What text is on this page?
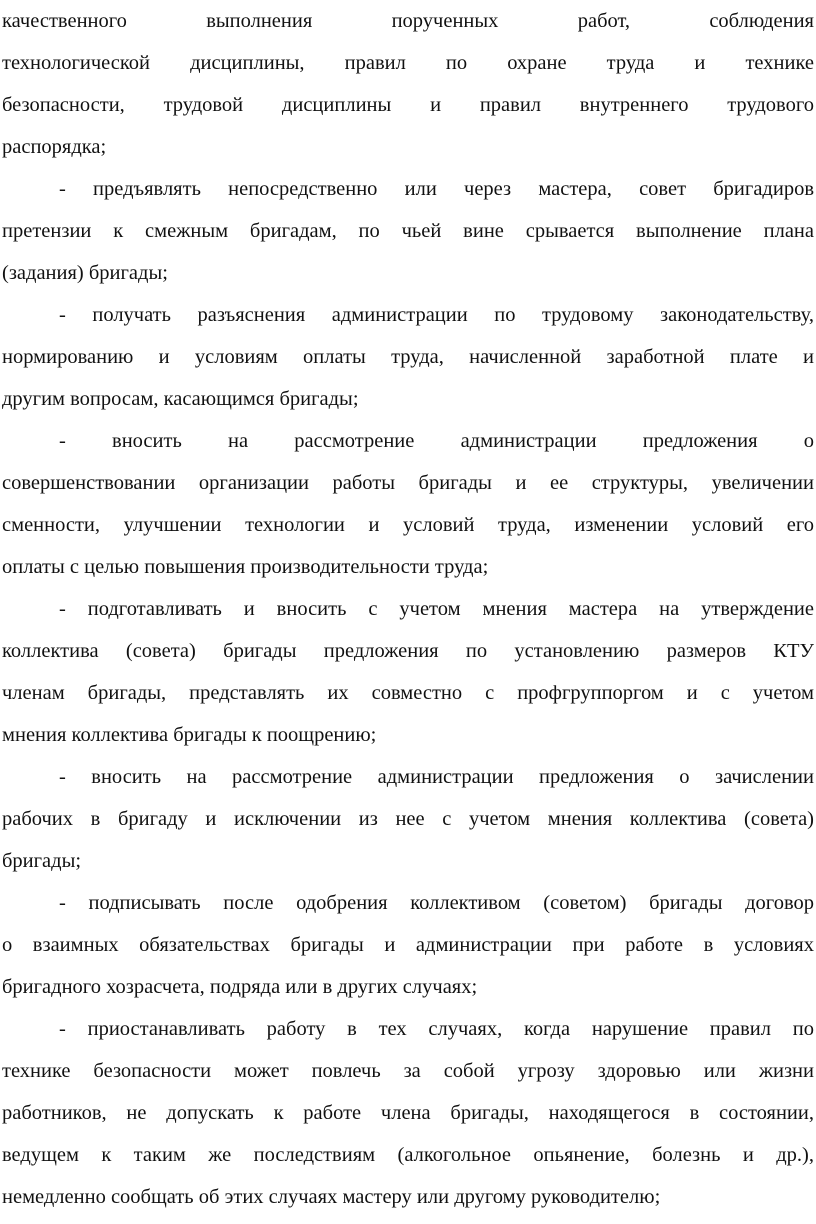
качественного выполнения порученных работ, соблюдения
технологической дисциплины, правил по охране труда и технике
безопасности, трудовой дисциплины и правил внутреннего трудового
распорядка;
- предъявлять непосредственно или через мастера, совет бригадиров
претензии к смежным бригадам, по чьей вине срывается выполнение плана
(задания) бригады;
- получать разъяснения администрации по трудовому законодательству,
нормированию и условиям оплаты труда, начисленной заработной плате и
другим вопросам, касающимся бригады;
- вносить на рассмотрение администрации предложения о
совершенствовании организации работы бригады и ее структуры, увеличении
сменности, улучшении технологии и условий труда, изменении условий его
оплаты с целью повышения производительности труда;
- подготавливать и вносить с учетом мнения мастера на утверждение
коллектива (совета) бригады предложения по установлению размеров КТУ
членам бригады, представлять их совместно с профгруппоргом и с учетом
мнения коллектива бригады к поощрению;
- вносить на рассмотрение администрации предложения о зачислении
рабочих в бригаду и исключении из нее с учетом мнения коллектива (совета)
бригады;
- подписывать после одобрения коллективом (советом) бригады договор
о взаимных обязательствах бригады и администрации при работе в условиях
бригадного хозрасчета, подряда или в других случаях;
- приостанавливать работу в тех случаях, когда нарушение правил по
технике безопасности может повлечь за собой угрозу здоровью или жизни
работников, не допускать к работе члена бригады, находящегося в состоянии,
ведущем к таким же последствиям (алкогольное опьянение, болезнь и др.),
немедленно сообщать об этих случаях мастеру или другому руководителю;
